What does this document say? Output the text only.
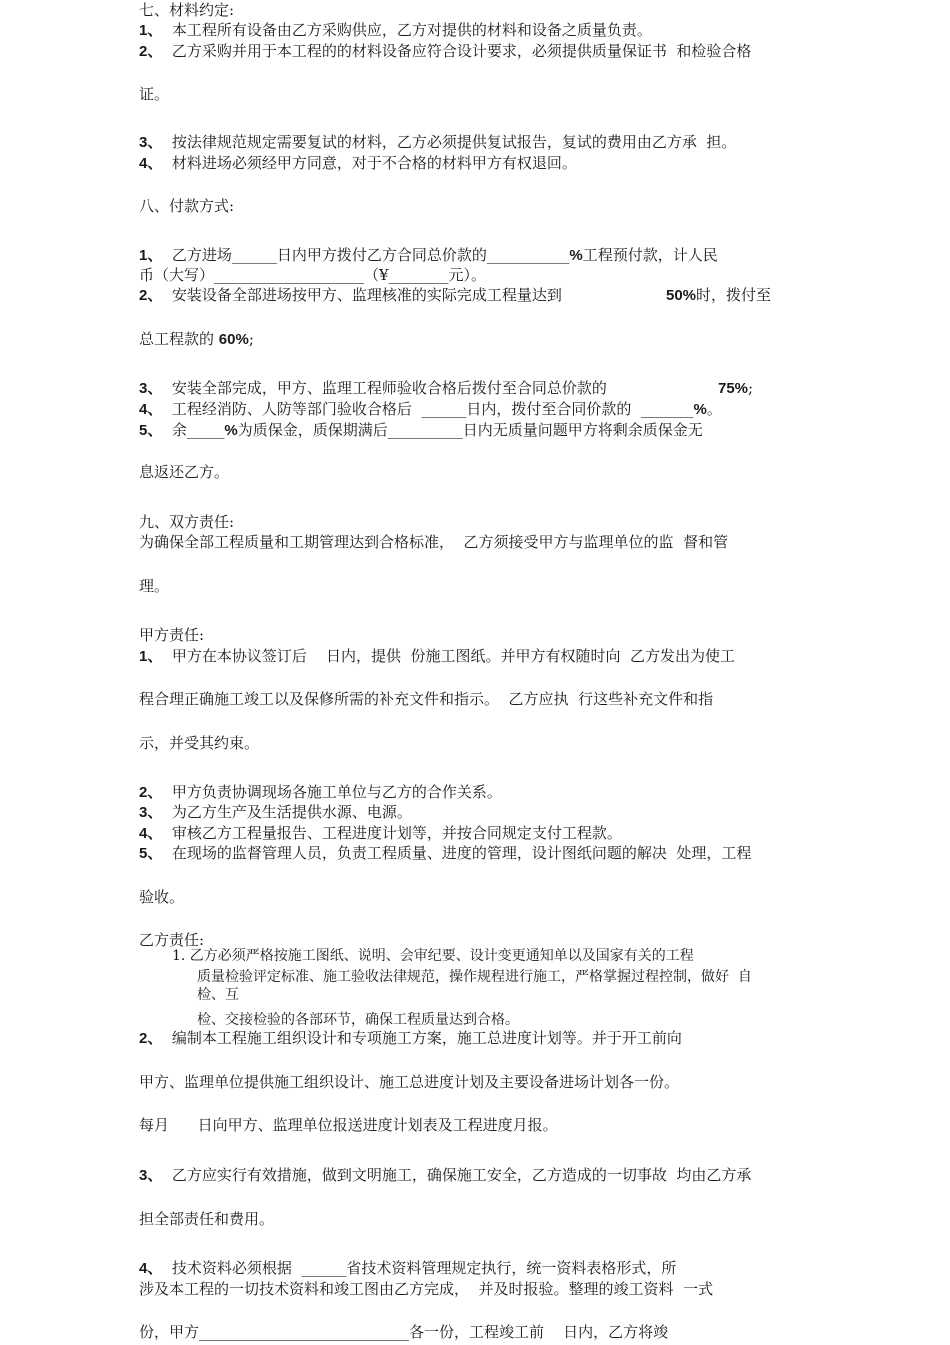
七、材料约定:
1、  本工程所有设备由乙方采购供应，乙方对提供的材料和设备之质量负责。
2、  乙方采购并用于本工程的的材料设备应符合设计要求，必须提供质量保证书  和检验合格
证。
3、  按法律规范规定需要复试的材料，乙方必须提供复试报告，复试的费用由乙方承  担。
4、  材料进场必须经甲方同意，对于不合格的材料甲方有权退回。
八、付款方式:
1、  乙方进场______日内甲方拨付乙方合同总价款的___________%工程预付款，计人民
币（大写）____________________（¥________元）。
2、  安装设备全部进场按甲方、监理核准的实际完成工程量达到	50%时，拨付至
总工程款的 60%;
3、  安装全部完成，甲方、监理工程师验收合格后拨付至合同总价款的	75%;
4、  工程经消防、人防等部门验收合格后  ______日内，拨付至合同价款的  _______%。
5、  余_____%为质保金，质保期满后__________日内无质量问题甲方将剩余质保金无
息返还乙方。
九、双方责任:
为确保全部工程质量和工期管理达到合格标准，  乙方须接受甲方与监理单位的监  督和管
理。
甲方责任:
1、  甲方在本协议签订后    日内，提供  份施工图纸。并甲方有权随时向  乙方发出为使工
程合理正确施工竣工以及保修所需的补充文件和指示。  乙方应执  行这些补充文件和指
示，并受其约束。
2、  甲方负责协调现场各施工单位与乙方的合作关系。
3、  为乙方生产及生活提供水源、电源。
4、  审核乙方工程量报告、工程进度计划等，并按合同规定支付工程款。
5、  在现场的监督管理人员，负责工程质量、进度的管理，设计图纸问题的解决  处理，工程
验收。
乙方责任:
1. 乙方必须严格按施工图纸、说明、会审纪要、设计变更通知单以及国家有关的工程
质量检验评定标准、施工验收法律规范，操作规程进行施工，严格掌握过程控制，做好  自
检、互
检、交接检验的各部环节，确保工程质量达到合格。
2、  编制本工程施工组织设计和专项施工方案，施工总进度计划等。并于开工前向
甲方、监理单位提供施工组织设计、施工总进度计划及主要设备进场计划各一份。
每月      日向甲方、监理单位报送进度计划表及工程进度月报。
3、  乙方应实行有效措施，做到文明施工，确保施工安全，乙方造成的一切事故  均由乙方承
担全部责任和费用。
4、  技术资料必须根据  ______省技术资料管理规定执行，统一资料表格形式，所
涉及本工程的一切技术资料和竣工图由乙方完成，  并及时报验。整理的竣工资料  一式
份，甲方____________________________各一份，工程竣工前    日内，乙方将竣
